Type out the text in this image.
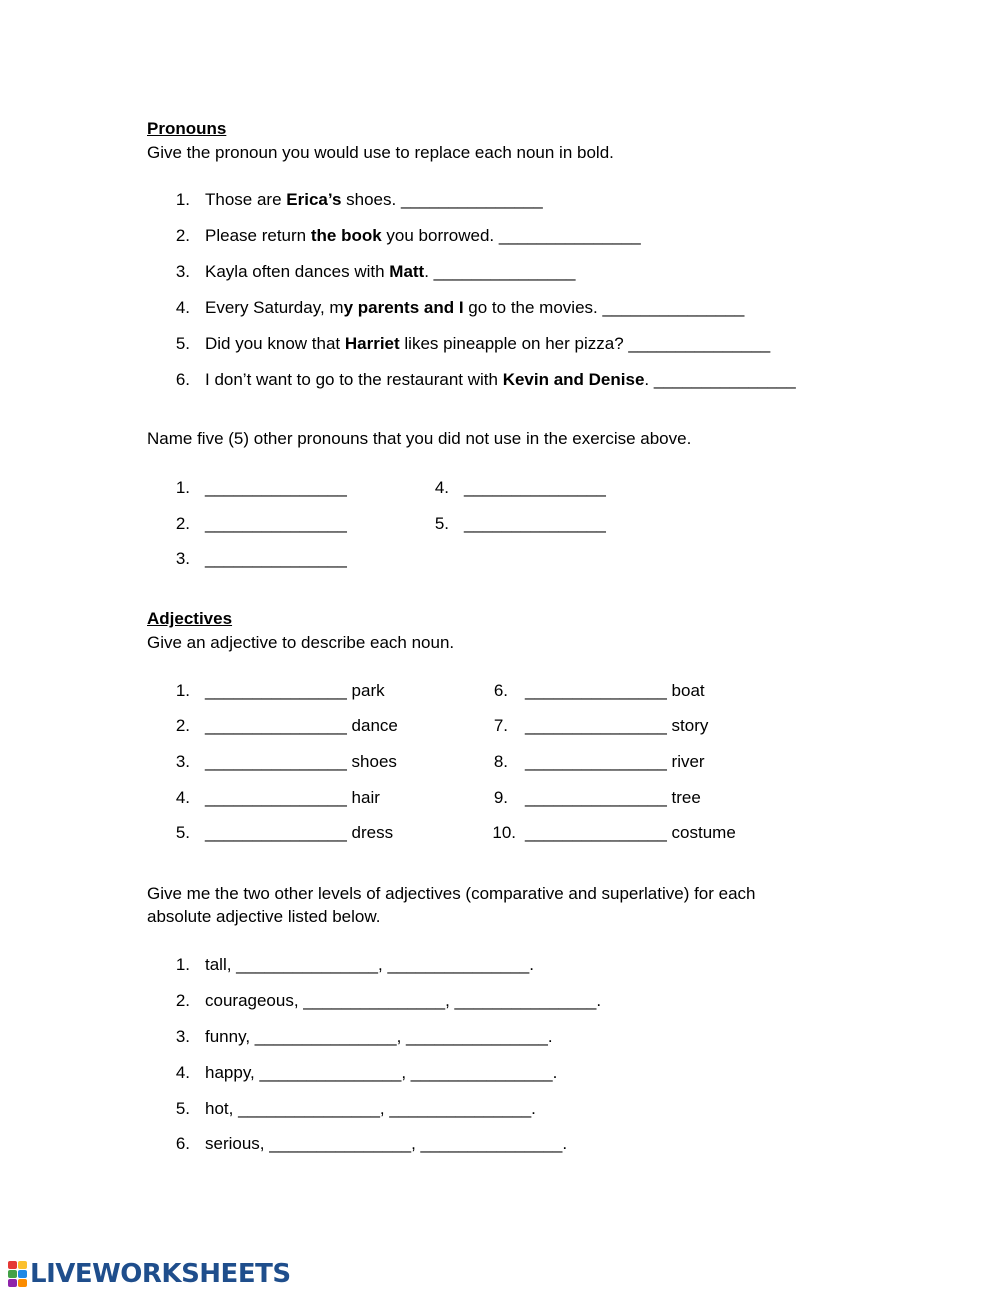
Pronouns
Give the pronoun you would use to replace each noun in bold.
1. Those are Erica’s shoes. _______________
2. Please return the book you borrowed. _______________
3. Kayla often dances with Matt. _______________
4. Every Saturday, my parents and I go to the movies. _______________
5. Did you know that Harriet likes pineapple on her pizza? _______________
6. I don’t want to go to the restaurant with Kevin and Denise. _______________
Name five (5) other pronouns that you did not use in the exercise above.
1. _______________
2. _______________
3. _______________
4. _______________
5. _______________
Adjectives
Give an adjective to describe each noun.
1. _______________ park
2. _______________ dance
3. _______________ shoes
4. _______________ hair
5. _______________ dress
6. _______________ boat
7. _______________ story
8. _______________ river
9. _______________ tree
10. _______________ costume
Give me the two other levels of adjectives (comparative and superlative) for each
absolute adjective listed below.
1. tall, _______________, _______________.
2. courageous, _______________, _______________.
3. funny, _______________, _______________.
4. happy, _______________, _______________.
5. hot, _______________, _______________.
6. serious, _______________, _______________.
LIVEWORKSHEETS
